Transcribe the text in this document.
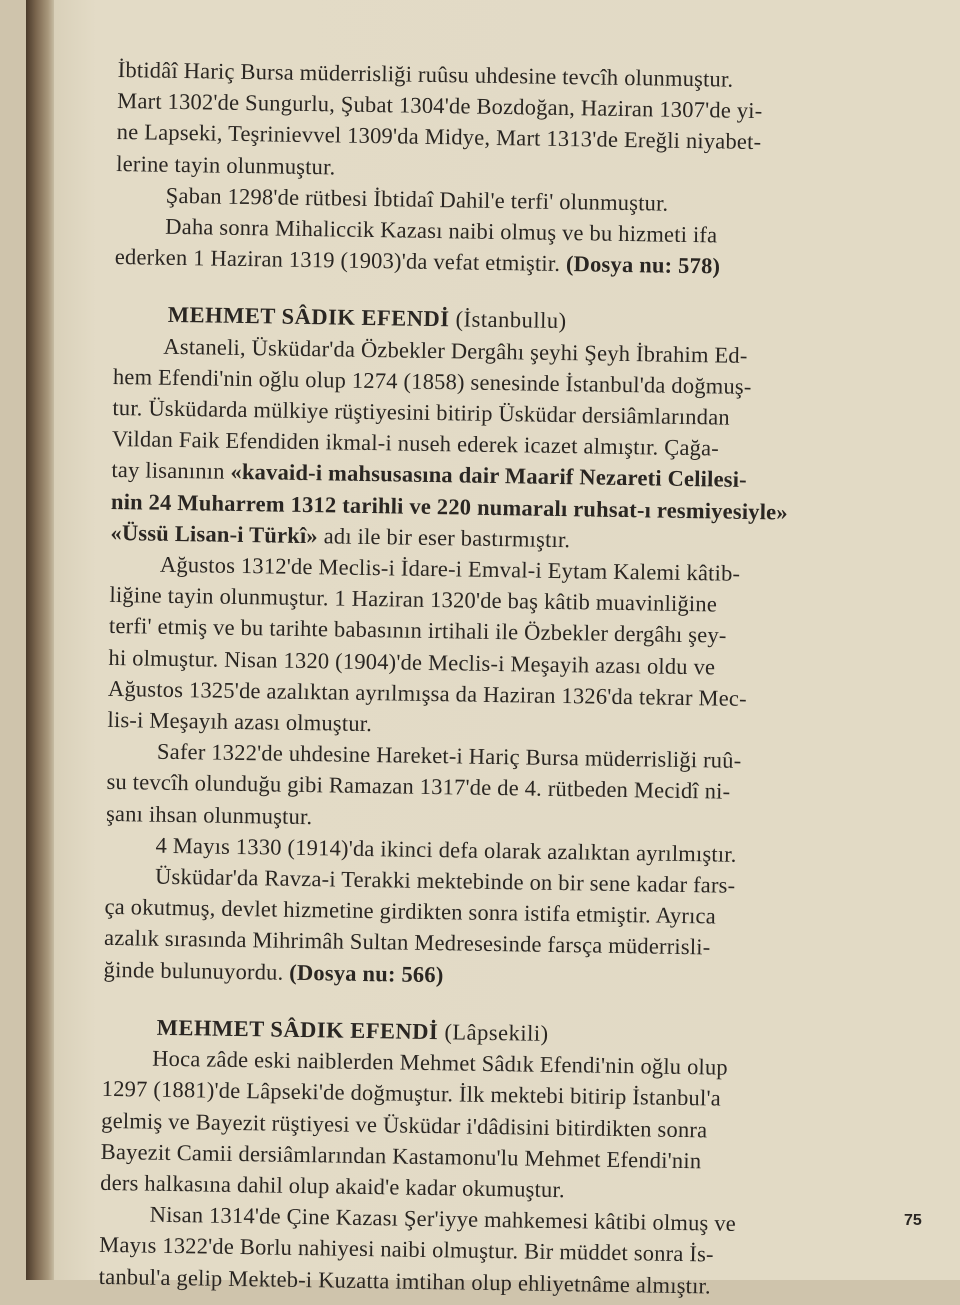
İbtidâî Hariç Bursa müderrisliği ruûsu uhdesine tevcîh olunmuştur.
Mart 1302'de Sungurlu, Şubat 1304'de Bozdoğan, Haziran 1307'de yi-
ne Lapseki, Teşrinievvel 1309'da Midye, Mart 1313'de Ereğli niyabet-
lerine tayin olunmuştur.
Şaban 1298'de rütbesi İbtidaî Dahil'e terfi' olunmuştur.
Daha sonra Mihaliccik Kazası naibi olmuş ve bu hizmeti ifa
ederken 1 Haziran 1319 (1903)'da vefat etmiştir. (Dosya nu: 578)
MEHMET SÂDIK EFENDİ (İstanbullu)
Astaneli, Üsküdar'da Özbekler Dergâhı şeyhi Şeyh İbrahim Ed-
hem Efendi'nin oğlu olup 1274 (1858) senesinde İstanbul'da doğmuş-
tur. Üsküdarda mülkiye rüştiyesini bitirip Üsküdar dersiâmlarından
Vildan Faik Efendiden ikmal-i nuseh ederek icazet almıştır. Çağa-
tay lisanının «kavaid-i mahsusasına dair Maarif Nezareti Celilesi-
nin 24 Muharrem 1312 tarihli ve 220 numaralı ruhsat-ı resmiyesiyle»
«Üssü Lisan-i Türkî» adı ile bir eser bastırmıştır.
Ağustos 1312'de Meclis-i İdare-i Emval-i Eytam Kalemi kâtib-
liğine tayin olunmuştur. 1 Haziran 1320'de baş kâtib muavinliğine
terfi' etmiş ve bu tarihte babasının irtihali ile Özbekler dergâhı şey-
hi olmuştur. Nisan 1320 (1904)'de Meclis-i Meşayih azası oldu ve
Ağustos 1325'de azalıktan ayrılmışsa da Haziran 1326'da tekrar Mec-
lis-i Meşayıh azası olmuştur.
Safer 1322'de uhdesine Hareket-i Hariç Bursa müderrisliği ruû-
su tevcîh olunduğu gibi Ramazan 1317'de de 4. rütbeden Mecidî ni-
şanı ihsan olunmuştur.
4 Mayıs 1330 (1914)'da ikinci defa olarak azalıktan ayrılmıştır.
Üsküdar'da Ravza-i Terakki mektebinde on bir sene kadar fars-
ça okutmuş, devlet hizmetine girdikten sonra istifa etmiştir. Ayrıca
azalık sırasında Mihrimâh Sultan Medresesinde farsça müderrisli-
ğinde bulunuyordu. (Dosya nu: 566)
MEHMET SÂDIK EFENDİ (Lâpsekili)
Hoca zâde eski naiblerden Mehmet Sâdık Efendi'nin oğlu olup
1297 (1881)'de Lâpseki'de doğmuştur. İlk mektebi bitirip İstanbul'a
gelmiş ve Bayezit rüştiyesi ve Üsküdar i'dâdisini bitirdikten sonra
Bayezit Camii dersiâmlarından Kastamonu'lu Mehmet Efendi'nin
ders halkasına dahil olup akaid'e kadar okumuştur.
Nisan 1314'de Çine Kazası Şer'iyye mahkemesi kâtibi olmuş ve
Mayıs 1322'de Borlu nahiyesi naibi olmuştur. Bir müddet sonra İs-
tanbul'a gelip Mekteb-i Kuzatta imtihan olup ehliyetnâme almıştır.
75
